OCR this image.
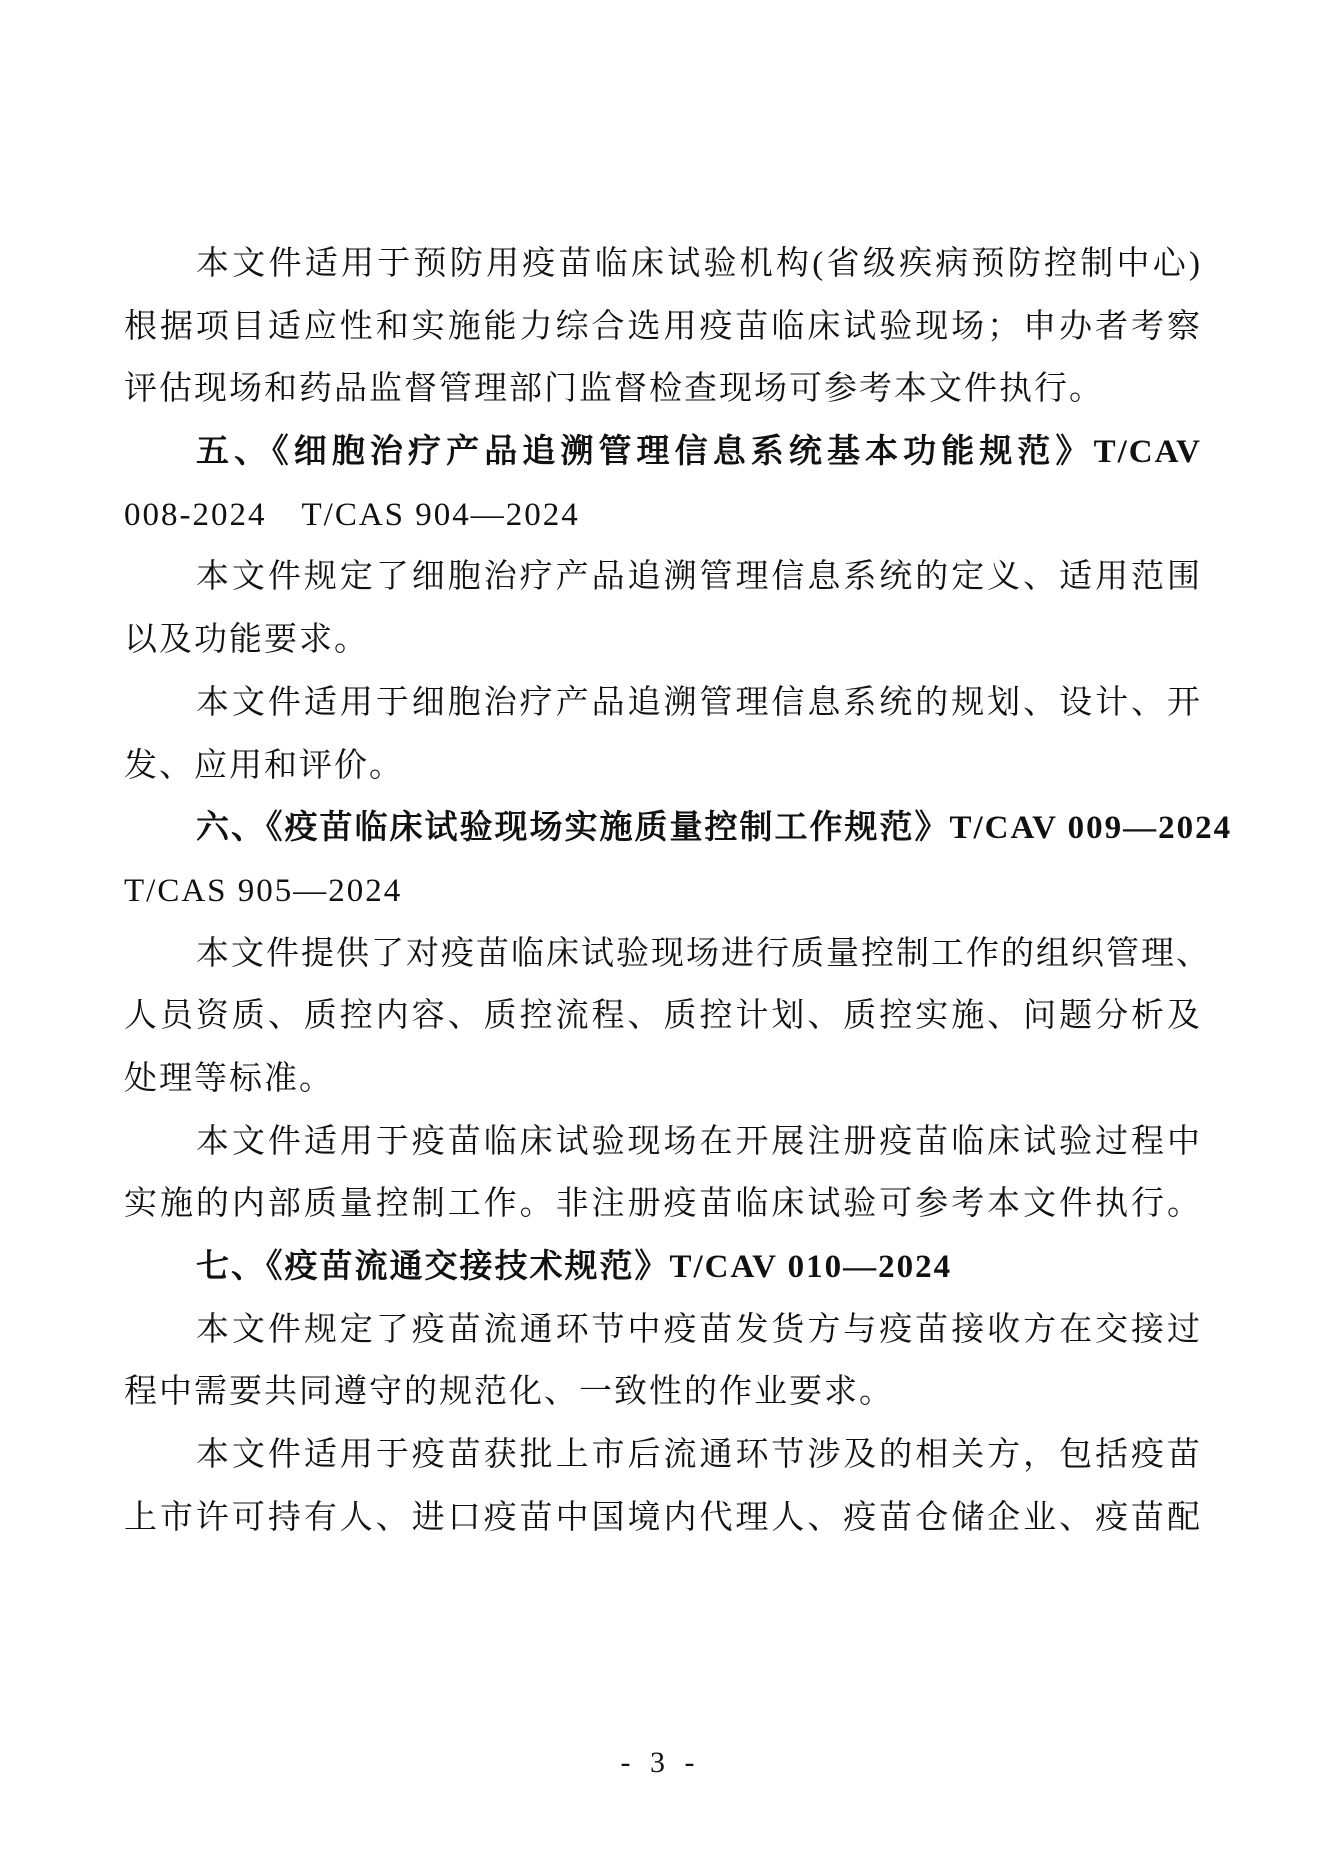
本文件适用于预防用疫苗临床试验机构(省级疾病预防控制中心)
根据项目适应性和实施能力综合选用疫苗临床试验现场；申办者考察
评估现场和药品监督管理部门监督检查现场可参考本文件执行。
五、《细胞治疗产品追溯管理信息系统基本功能规范》T/CAV
008-2024　T/CAS 904—2024
本文件规定了细胞治疗产品追溯管理信息系统的定义、适用范围
以及功能要求。
本文件适用于细胞治疗产品追溯管理信息系统的规划、设计、开
发、应用和评价。
六、《疫苗临床试验现场实施质量控制工作规范》T/CAV 009—2024
T/CAS 905—2024
本文件提供了对疫苗临床试验现场进行质量控制工作的组织管理、
人员资质、质控内容、质控流程、质控计划、质控实施、问题分析及
处理等标准。
本文件适用于疫苗临床试验现场在开展注册疫苗临床试验过程中
实施的内部质量控制工作。非注册疫苗临床试验可参考本文件执行。
七、《疫苗流通交接技术规范》T/CAV 010—2024
本文件规定了疫苗流通环节中疫苗发货方与疫苗接收方在交接过
程中需要共同遵守的规范化、一致性的作业要求。
本文件适用于疫苗获批上市后流通环节涉及的相关方，包括疫苗
上市许可持有人、进口疫苗中国境内代理人、疫苗仓储企业、疫苗配
- 3 -
